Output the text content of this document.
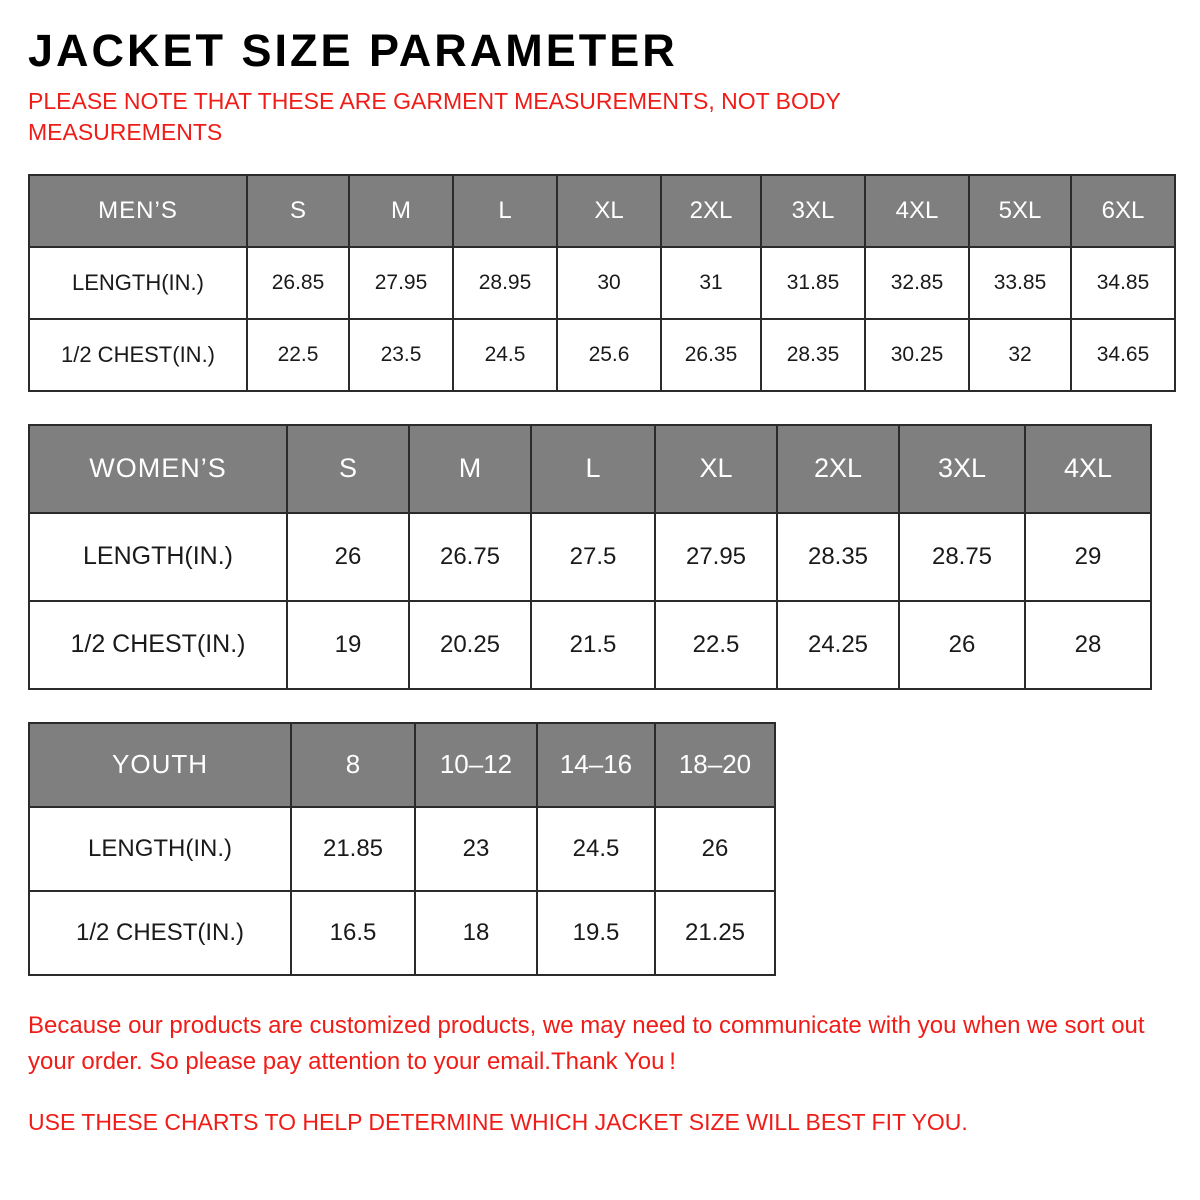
JACKET SIZE PARAMETER

PLEASE NOTE THAT THESE ARE GARMENT MEASUREMENTS, NOT BODY MEASUREMENTS

MEN’S	S	M	L	XL	2XL	3XL	4XL	5XL	6XL
LENGTH(IN.)	26.85	27.95	28.95	30	31	31.85	32.85	33.85	34.85
1/2 CHEST(IN.)	22.5	23.5	24.5	25.6	26.35	28.35	30.25	32	34.65
WOMEN’S	S	M	L	XL	2XL	3XL	4XL
LENGTH(IN.)	26	26.75	27.5	27.95	28.35	28.75	29
1/2 CHEST(IN.)	19	20.25	21.5	22.5	24.25	26	28
YOUTH	8	10–12	14–16	18–20
LENGTH(IN.)	21.85	23	24.5	26
1/2 CHEST(IN.)	16.5	18	19.5	21.25

Because our products are customized products, we may need to communicate with you when we sort out your order. So please pay attention to your email.Thank You !

USE THESE CHARTS TO HELP DETERMINE WHICH JACKET SIZE WILL BEST FIT YOU.
